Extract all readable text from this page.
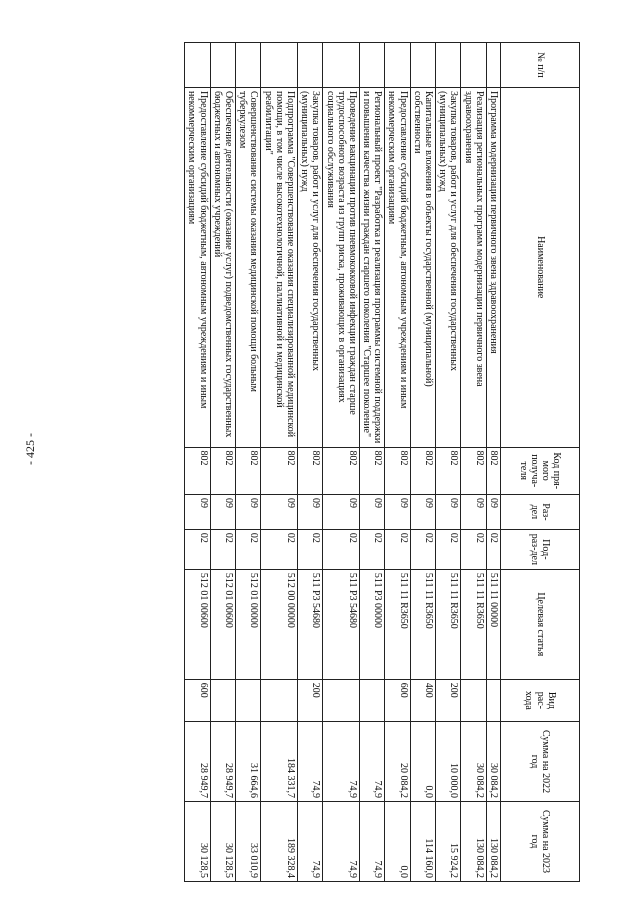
- 425 -
№ п/п	Наименование	Код пря-мого получа-теля	Раз-дел	Под-раз-дел	Целевая статья	Вид рас-хода	Сумма на 2022 год	Сумма на 2023 год
	Программа модернизации первичного звена здравоохранения	802	09	02	511 11 00000		30 084,2	130 084,2
	Реализация региональных программ модернизации первичного звена здравоохранения	802	09	02	511 11 R3650		30 084,2	130 084,2
	Закупка товаров, работ и услуг для обеспечения государственных (муниципальных) нужд	802	09	02	511 11 R3650	200	10 000,0	15 924,2
	Капитальные вложения в объекты государственной (муниципальной) собственности	802	09	02	511 11 R3650	400	0,0	114 160,0
	Предоставление субсидий бюджетным, автономным учреждениям и иным некоммерческим организациям	802	09	02	511 11 R3650	600	20 084,2	0,0
	Региональный проект "Разработка и реализация программы системной поддержки и повышения качества жизни граждан старшего поколения "Старшее поколение"	802	09	02	511 P3 00000		74,9	74,9
	Проведение вакцинации против пневмококковой инфекции граждан старше трудоспособного возраста из групп риска, проживающих в организациях социального обслуживания	802	09	02	511 P3 54680		74,9	74,9
	Закупка товаров, работ и услуг для обеспечения государственных (муниципальных) нужд	802	09	02	511 P3 54680	200	74,9	74,9
	Подпрограмма "Совершенствование оказания специализированной медицинской помощи, в том числе высокотехнологичной, паллиативной и медицинской реабилитации"	802	09	02	512 00 00000		184 331,7	189 328,4
	Совершенствование системы оказания медицинской помощи больным туберкулезом	802	09	02	512 01 00000		31 664,6	33 010,9
	Обеспечение деятельности (оказание услуг) подведомственных государственных бюджетных и автономных учреждений	802	09	02	512 01 00600		28 949,7	30 128,5
	Предоставление субсидий бюджетным, автономным учреждениям и иным некоммерческим организациям	802	09	02	512 01 00600	600	28 949,7	30 128,5
